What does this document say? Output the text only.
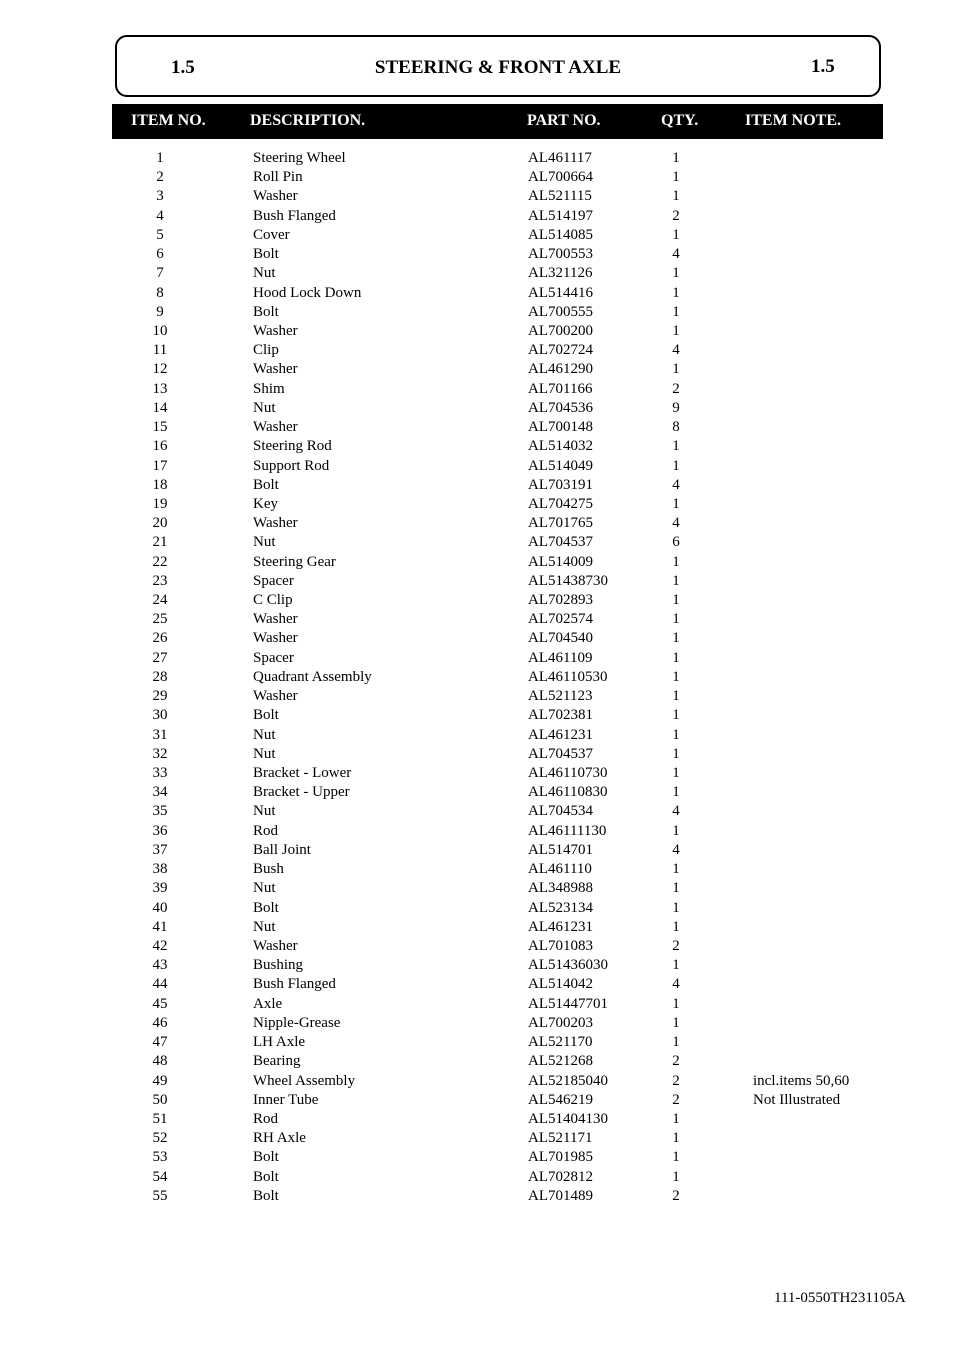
1.5	STEERING & FRONT AXLE	1.5
ITEM NO.	DESCRIPTION.	PART NO.	QTY.	ITEM NOTE.
1	Steering Wheel	AL461117	1
2	Roll Pin	AL700664	1
3	Washer	AL521115	1
4	Bush Flanged	AL514197	2
5	Cover	AL514085	1
6	Bolt	AL700553	4
7	Nut	AL321126	1
8	Hood Lock Down	AL514416	1
9	Bolt	AL700555	1
10	Washer	AL700200	1
11	Clip	AL702724	4
12	Washer	AL461290	1
13	Shim	AL701166	2
14	Nut	AL704536	9
15	Washer	AL700148	8
16	Steering Rod	AL514032	1
17	Support Rod	AL514049	1
18	Bolt	AL703191	4
19	Key	AL704275	1
20	Washer	AL701765	4
21	Nut	AL704537	6
22	Steering Gear	AL514009	1
23	Spacer	AL51438730	1
24	C Clip	AL702893	1
25	Washer	AL702574	1
26	Washer	AL704540	1
27	Spacer	AL461109	1
28	Quadrant Assembly	AL46110530	1
29	Washer	AL521123	1
30	Bolt	AL702381	1
31	Nut	AL461231	1
32	Nut	AL704537	1
33	Bracket - Lower	AL46110730	1
34	Bracket - Upper	AL46110830	1
35	Nut	AL704534	4
36	Rod	AL46111130	1
37	Ball Joint	AL514701	4
38	Bush	AL461110	1
39	Nut	AL348988	1
40	Bolt	AL523134	1
41	Nut	AL461231	1
42	Washer	AL701083	2
43	Bushing	AL51436030	1
44	Bush Flanged	AL514042	4
45	Axle	AL51447701	1
46	Nipple-Grease	AL700203	1
47	LH Axle	AL521170	1
48	Bearing	AL521268	2
49	Wheel Assembly	AL52185040	2	incl.items 50,60
50	Inner Tube	AL546219	2	Not Illustrated
51	Rod	AL51404130	1
52	RH Axle	AL521171	1
53	Bolt	AL701985	1
54	Bolt	AL702812	1
55	Bolt	AL701489	2
111-0550TH231105A
